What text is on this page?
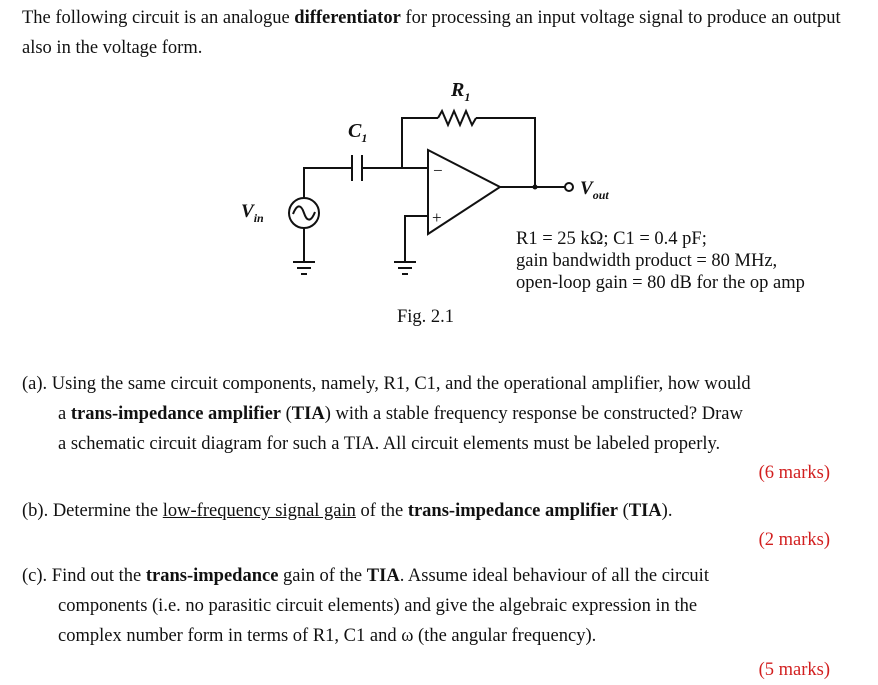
The following circuit is an analogue differentiator for processing an input voltage signal to produce an output also in the voltage form.
$R_1$
$C_1$
$V_{in}$
$V_{out}$
−
+
R1 = 25 kΩ; C1 = 0.4 pF;
gain bandwidth product = 80 MHz,
open-loop gain = 80 dB for the op amp
Fig. 2.1
(a). Using the same circuit components, namely, R1, C1, and the operational amplifier, how would
a trans-impedance amplifier (TIA) with a stable frequency response be constructed? Draw
a schematic circuit diagram for such a TIA. All circuit elements must be labeled properly.
(6 marks)
(b). Determine the low-frequency signal gain of the trans-impedance amplifier (TIA).
(2 marks)
(c). Find out the trans-impedance gain of the TIA. Assume ideal behaviour of all the circuit
components (i.e. no parasitic circuit elements) and give the algebraic expression in the
complex number form in terms of R1, C1 and ω (the angular frequency).
(5 marks)
